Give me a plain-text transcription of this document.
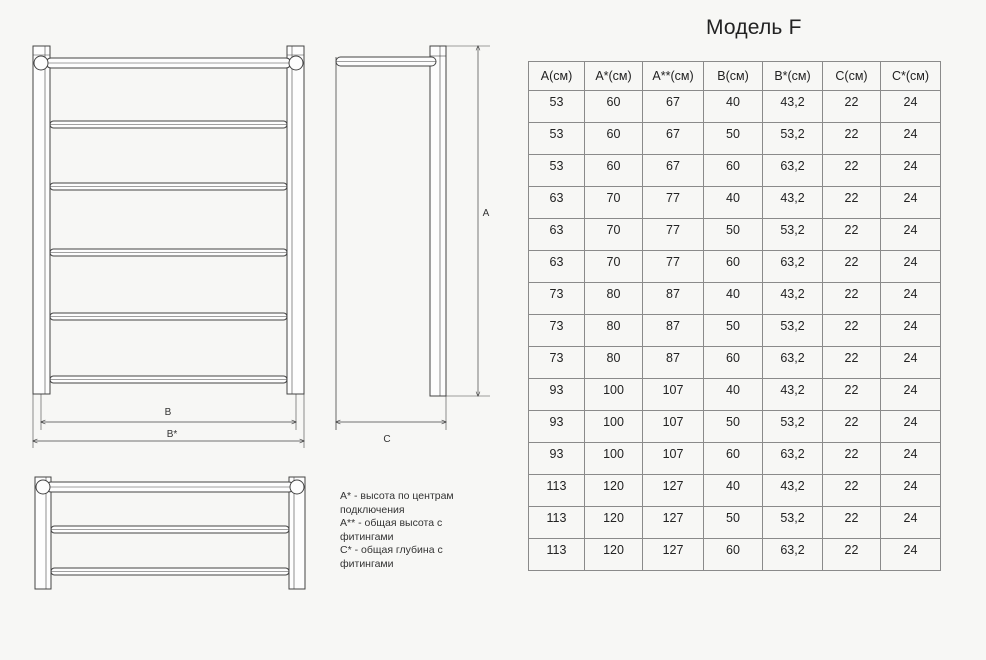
B
B*	C
A
Модель F
A(см)	A*(см)	A**(см)	B(см)	B*(см)	C(см)	C*(см)
53	60	67	40	43,2	22	24
53	60	67	50	53,2	22	24
53	60	67	60	63,2	22	24
63	70	77	40	43,2	22	24
63	70	77	50	53,2	22	24
63	70	77	60	63,2	22	24
73	80	87	40	43,2	22	24
73	80	87	50	53,2	22	24
73	80	87	60	63,2	22	24
93	100	107	40	43,2	22	24
93	100	107	50	53,2	22	24
93	100	107	60	63,2	22	24
113	120	127	40	43,2	22	24
113	120	127	50	53,2	22	24
113	120	127	60	63,2	22	24
A* - высота по центрам
подключения
A** - общая высота с
фитингами
C* - общая глубина с
фитингами
